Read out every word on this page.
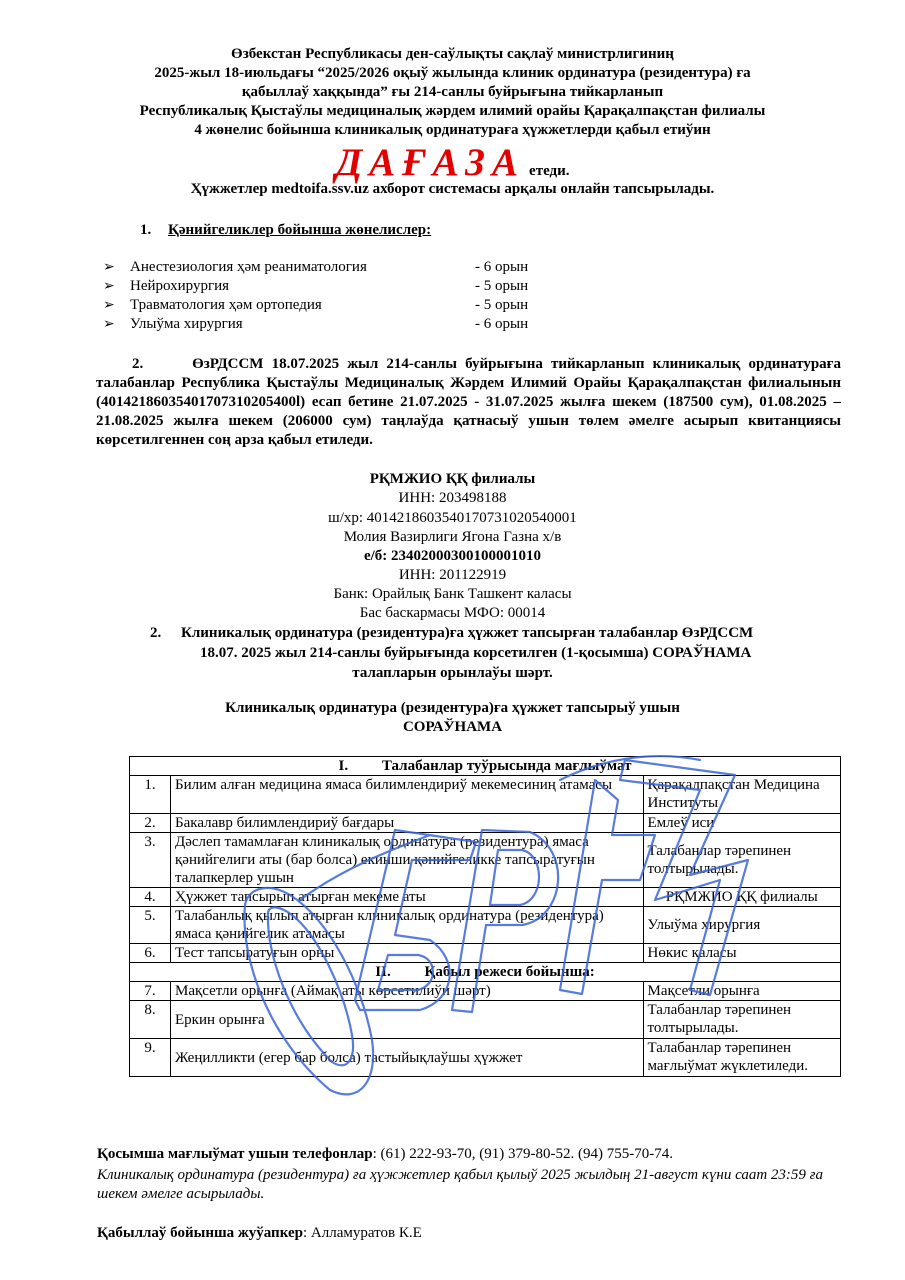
Өзбекстан Республикасы ден-саўлықты сақлаў министрлигиниң
2025-жыл 18-июльдағы “2025/2026 оқыў жылында клиник ординатура (резидентура) ға
қабыллаў хаққында” ғы 214-санлы буйрығына тийкарланып
Республикалық Қыстаўлы медициналық жәрдем илимий орайы Қарақалпақстан филиалы
4 жөнелис бойынша клиникалық ординатураға ҳүжжетлерди қабыл етиўин
ДАҒАЗА етеди.
Ҳүжжетлер medtoifa.ssv.uz ахборот системасы арқалы онлайн тапсырылады.
1. Қәнийгеликлер бойынша жөнелислер:
➢ Анестезиология ҳәм реаниматология	- 6 орын
➢ Нейрохирургия	- 5 орын
➢ Травматология ҳәм ортопедия	- 5 орын
➢ Улыўма хирургия	- 6 орын
2.	ӨзРДССМ 18.07.2025 жыл 214-санлы буйрығына тийкарланып клиникалық ординатураға талабанлар Республика Қыстаўлы Медициналық Жәрдем Илимий Орайы Қарақалпақстан филиалынын (40142186035401707310205400l) есап бетине 21.07.2025 - 31.07.2025 жылға шекем (187500 сум), 01.08.2025 – 21.08.2025 жылға шекем (206000 сум) таңлаўда қатнасыў ушын төлем әмелге асырып квитанциясы көрсетилгеннен соң арза қабыл етиледи.
РҚМЖИО ҚҚ филиалы
ИНН: 203498188
ш/хр: 4014218603540170731020540001
Молия Вазирлиги Ягона Газна х/в
е/б: 23402000300100001010
ИНН: 201122919
Банк: Орайлық Банк Ташкент каласы
Бас баскармасы МФО: 00014
2. Клиникалық ординатура (резидентура)ға ҳүжжет тапсырған талабанлар ӨзРДССМ
18.07. 2025 жыл 214-санлы буйрығында корсетилген (1-қосымша) СОРАЎНАМА
талапларын орынлаўы шәрт.
Клиникалық ординатура (резидентура)ға ҳүжжет тапсырыў ушын
СОРАЎНАМА
I. Талабанлар туўрысында мағлыўмат		
1.	Билим алған медицина ямаса билимлендириў мекемесиниң атамасы	Қарақалпақстан Медицина Институты
2.	Бакалавр билимлендириў бағдары	Емлеў иси
3.	Дәслеп тамамлаған клиникалық ординатура (резидентура) ямаса қәнийгелиги аты (бар болса) екинши қәнийгеликке тапсыратуғын талапкерлер ушын	Талабанлар тәрепинен толтырылады.
4.	Ҳүжжет тапсырып атырған мекеме аты	РҚМЖИО ҚҚ филиалы
5.	Талабанлық қылып атырған клиникалық ординатура (резидентура) ямаса қәнийгелик атамасы	Улыўма хирургия
6.	Тест тапсыратуғын орны	Нөкис қаласы
II. Қабыл режеси бойынша:		
7.	Мақсетли орынға (Аймақ аты көрсетилиўи шәрт)	Мақсетли орынға
8.	Еркин орынға	Талабанлар тәрепинен толтырылады.
9.	Жеңилликти (егер бар болса) тастыйықлаўшы ҳүжжет	Талабанлар тәрепинен мағлыўмат жүклетиледи.
Қосымша мағлыўмат ушын телефонлар: (61) 222-93-70, (91) 379-80-52. (94) 755-70-74.
Клиникалық ординатура (резидентура) ға ҳүжжетлер қабыл қылыў 2025 жылдың 21-август күни саат 23:59 ға шекем әмелге асырылады.
Қабыллаў бойынша жуўапкер: Алламуратов К.Е
